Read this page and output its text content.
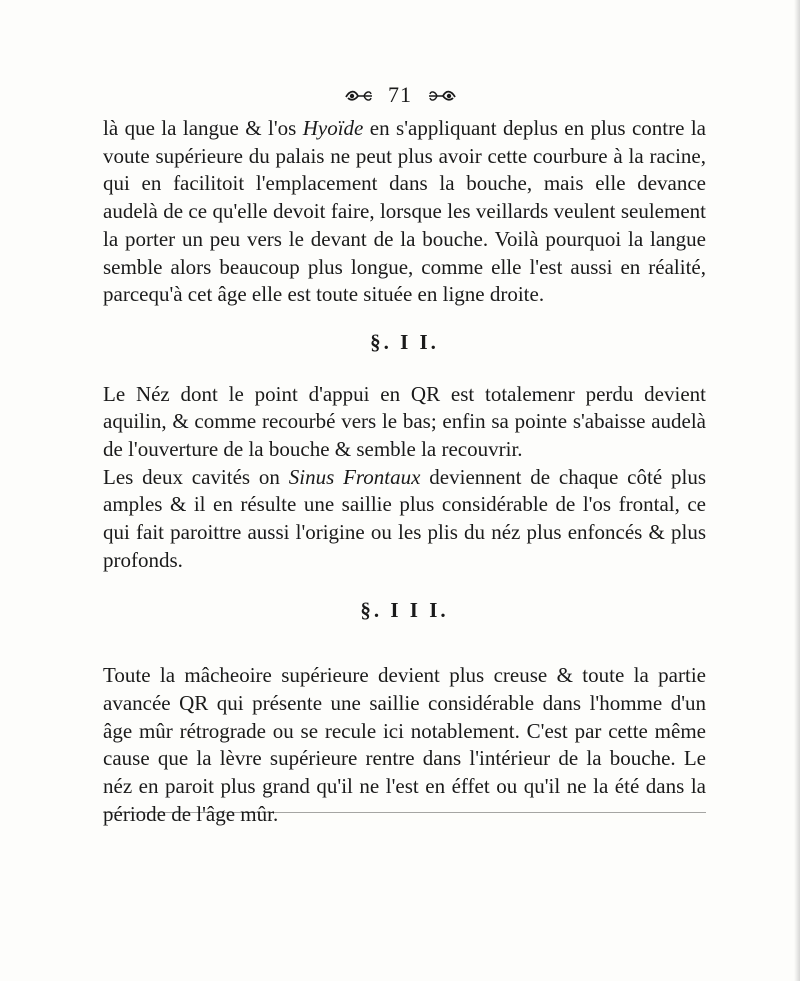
71

là que la langue & l'os Hyoïde en s'appliquant deplus en plus contre la voute supérieure du palais ne peut plus avoir cette courbure à la racine, qui en facilitoit l'emplacement dans la bouche, mais elle devance audelà de ce qu'elle devoit faire, lorsque les veillards veulent seulement la porter un peu vers le devant de la bouche. Voilà pourquoi la langue semble alors beaucoup plus longue, comme elle l'est aussi en réalité, parcequ'à cet âge elle est toute située en ligne droite.

§. I I.

Le Néz dont le point d'appui en QR est totalemenr perdu devient aquilin, & comme recourbé vers le bas; enfin sa pointe s'abaisse audelà de l'ouverture de la bouche & semble la recouvrir.

Les deux cavités on Sinus Frontaux deviennent de chaque côté plus amples & il en résulte une saillie plus considérable de l'os frontal, ce qui fait paroittre aussi l'origine ou les plis du néz plus enfoncés & plus profonds.

§. I I I.

Toute la mâcheoire supérieure devient plus creuse & toute la partie avancée QR qui présente une saillie considérable dans l'homme d'un âge mûr rétrograde ou se recule ici notablement. C'est par cette même cause que la lèvre supérieure rentre dans l'intérieur de la bouche. Le néz en paroit plus grand qu'il ne l'est en éffet ou qu'il ne la été dans la période de l'âge mûr.
